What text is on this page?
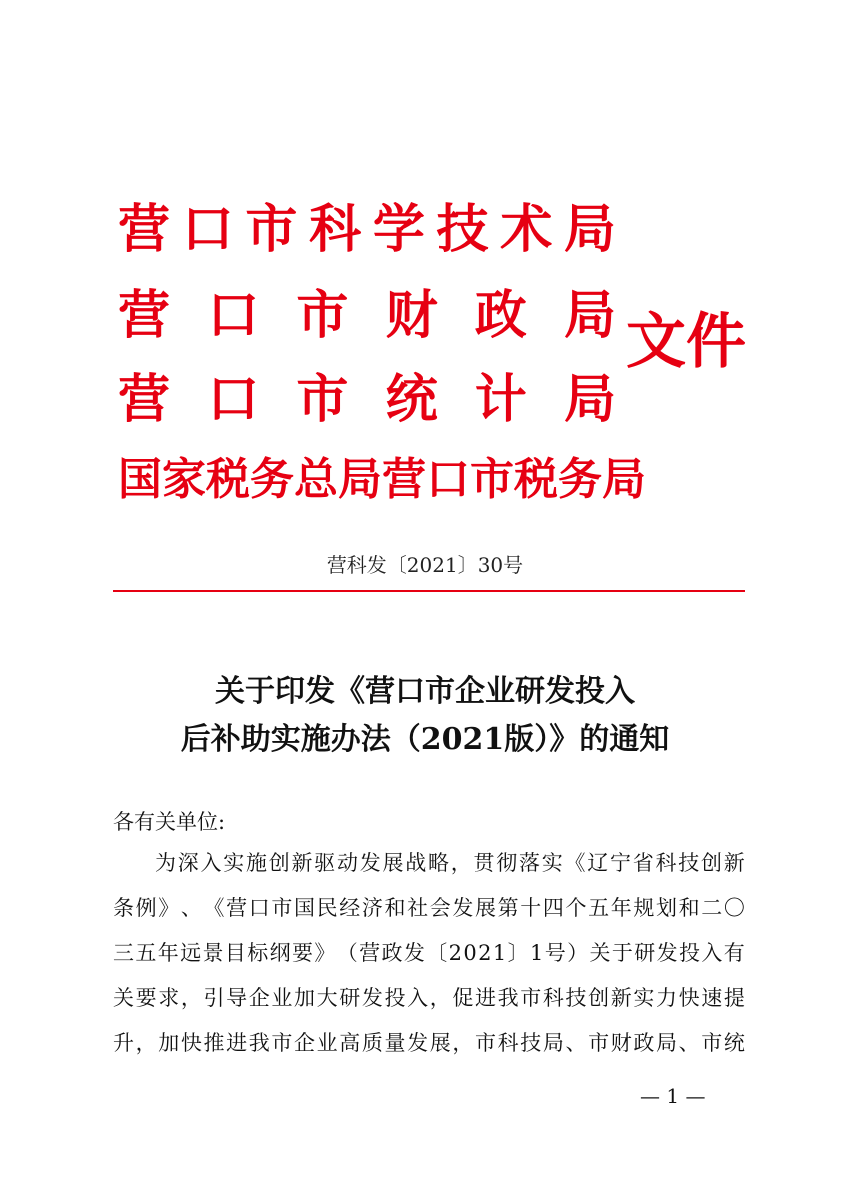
营 口 市 科 学 技 术 局
营 口 市 财 政 局
营 口 市 统 计 局
国 家 税 务 总 局 营 口 市 税 务 局
文件
营科发〔2021〕30号
关于印发《营口市企业研发投入
后补助实施办法（2021版）》的通知
各有关单位:
为 深 入 实 施 创 新 驱 动 发 展 战 略 ， 贯 彻 落 实 《 辽 宁 省 科 技 创 新
条 例 》 、 《 营 口 市 国 民 经 济 和 社 会 发 展 第 十 四 个 五 年 规 划 和 二 〇
三 五 年 远 景 目 标 纲 要 》 （ 营 政 发 〔 2 0 2 1 〕 1 号 ） 关 于 研 发 投 入 有
关 要 求 ， 引 导 企 业 加 大 研 发 投 入 ， 促 进 我 市 科 技 创 新 实 力 快 速 提
升 ， 加 快 推 进 我 市 企 业 高 质 量 发 展 ， 市 科 技 局 、 市 财 政 局 、 市 统
— 1 —
